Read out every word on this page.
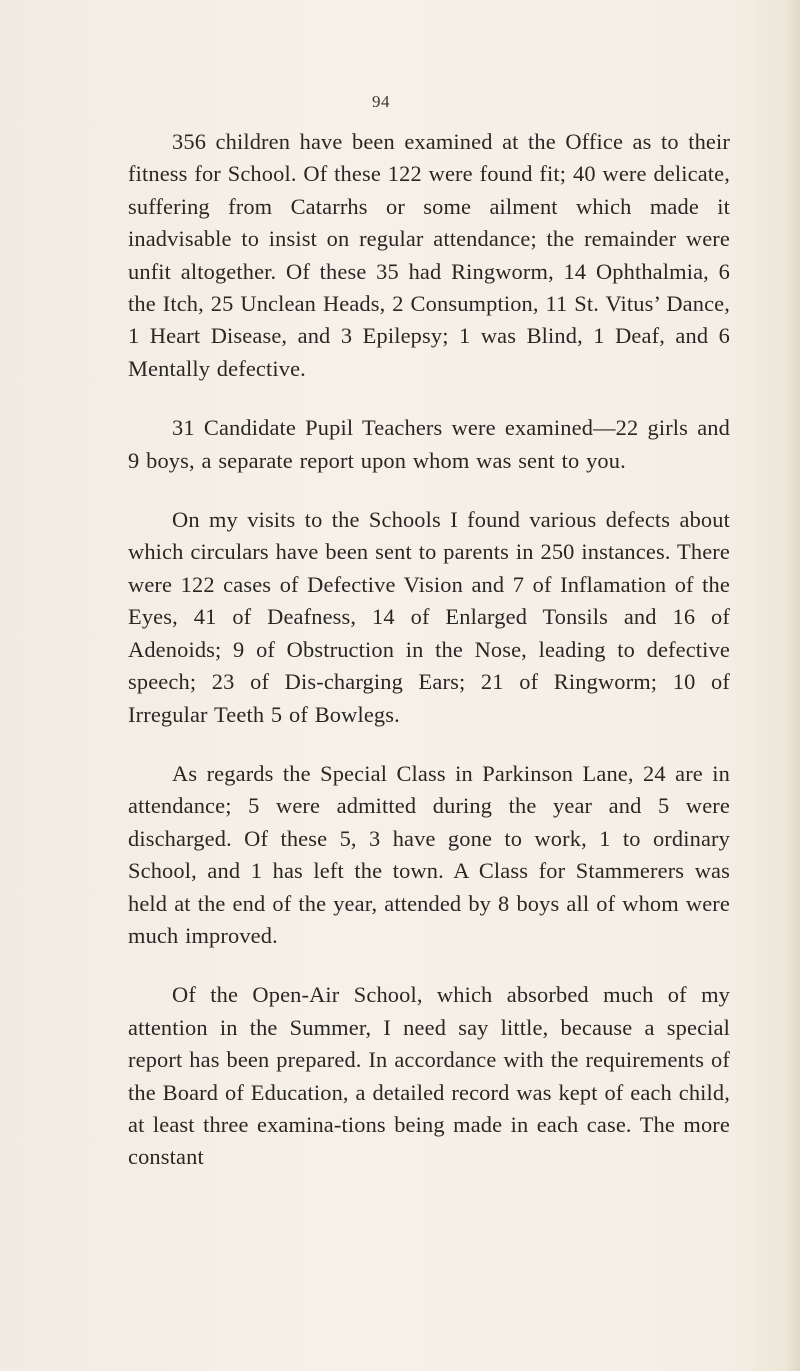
94

356 children have been examined at the Office as to their fitness for School. Of these 122 were found fit; 40 were delicate, suffering from Catarrhs or some ailment which made it inadvisable to insist on regular attendance; the remainder were unfit altogether. Of these 35 had Ringworm, 14 Ophthalmia, 6 the Itch, 25 Unclean Heads, 2 Consumption, 11 St. Vitus’ Dance, 1 Heart Disease, and 3 Epilepsy; 1 was Blind, 1 Deaf, and 6 Mentally defective.

31 Candidate Pupil Teachers were examined—22 girls and 9 boys, a separate report upon whom was sent to you.

On my visits to the Schools I found various defects about which circulars have been sent to parents in 250 instances. There were 122 cases of Defective Vision and 7 of Inflamation of the Eyes, 41 of Deafness, 14 of Enlarged Tonsils and 16 of Adenoids; 9 of Obstruction in the Nose, leading to defective speech; 23 of Dis-charging Ears; 21 of Ringworm; 10 of Irregular Teeth 5 of Bowlegs.

As regards the Special Class in Parkinson Lane, 24 are in attendance; 5 were admitted during the year and 5 were discharged. Of these 5, 3 have gone to work, 1 to ordinary School, and 1 has left the town. A Class for Stammerers was held at the end of the year, attended by 8 boys all of whom were much improved.

Of the Open-Air School, which absorbed much of my attention in the Summer, I need say little, because a special report has been prepared. In accordance with the requirements of the Board of Education, a detailed record was kept of each child, at least three examina-tions being made in each case. The more constant
